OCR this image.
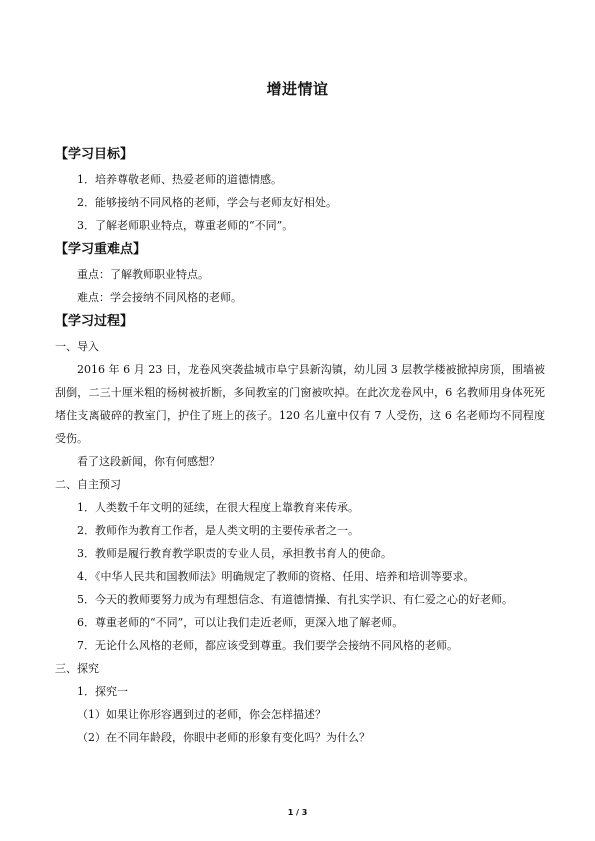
增进情谊

【学习目标】

1．培养尊敬老师、热爱老师的道德情感。

2．能够接纳不同风格的老师，学会与老师友好相处。

3．了解老师职业特点，尊重老师的“不同”。

【学习重难点】

重点：了解教师职业特点。

难点：学会接纳不同风格的老师。

【学习过程】

一、导入

2016 年 6 月 23 日，龙卷风突袭盐城市阜宁县新沟镇，幼儿园 3 层教学楼被掀掉房顶，围墙被刮倒，二三十厘米粗的杨树被折断，多间教室的门窗被吹掉。在此次龙卷风中，6 名教师用身体死死堵住支离破碎的教室门，护住了班上的孩子。120 名儿童中仅有 7 人受伤，这 6 名老师均不同程度受伤。

看了这段新闻，你有何感想？

二、自主预习

1．人类数千年文明的延续，在很大程度上靠教育来传承。

2．教师作为教育工作者，是人类文明的主要传承者之一。

3．教师是履行教育教学职责的专业人员，承担教书育人的使命。

4．《中华人民共和国教师法》明确规定了教师的资格、任用、培养和培训等要求。

5．今天的教师要努力成为有理想信念、有道德情操、有扎实学识、有仁爱之心的好老师。

6．尊重老师的“不同”，可以让我们走近老师，更深入地了解老师。

7．无论什么风格的老师，都应该受到尊重。我们要学会接纳不同风格的老师。

三、探究

1．探究一

（1）如果让你形容遇到过的老师，你会怎样描述？

（2）在不同年龄段，你眼中老师的形象有变化吗？为什么？

1 / 3
